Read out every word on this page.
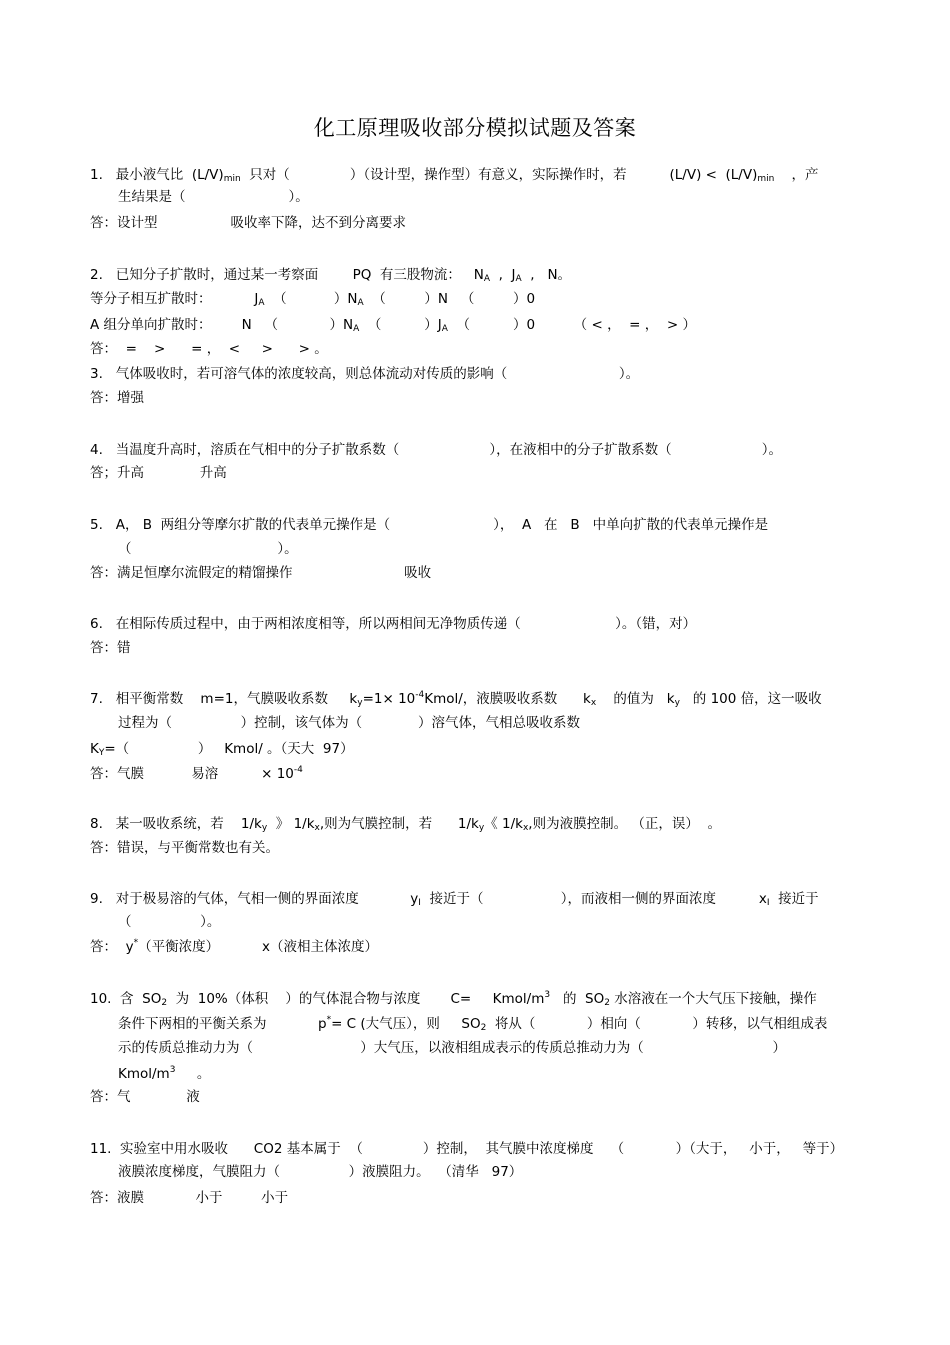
化工原理吸收部分模拟试题及答案
1.   最小液气比  $(L/V)_{min}$  只对（              ）（设计型，操作型）有意义，实际操作时，若          $(L/V) < (L/V)_{min}$    ，产
生结果是（                        ）。
答：设计型                 吸收率下降，达不到分离要求
2.   已知分子扩散时，通过某一考察面        PQ  有三股物流：   $N_A$  ,  $J_A$  ,   N。
等分子相互扩散时：          $J_A$  （           ）$N_A$  （         ）N   （         ）0
A 组分单向扩散时：       N   （            ）$N_A$  （          ）$J_A$  （          ）0         （ < ，  = ，  > ）
答：  =    >      = ，  <     >      > 。
3.   气体吸收时，若可溶气体的浓度较高，则总体流动对传质的影响（                          ）。
答：增强
4.   当温度升高时，溶质在气相中的分子扩散系数（                     ），在液相中的分子扩散系数（                     ）。
答；升高             升高
5.   A， B  两组分等摩尔扩散的代表单元操作是（                        ），  A   在   B   中单向扩散的代表单元操作是
（                                  ）。
答：满足恒摩尔流假定的精馏操作                          吸收
6.   在相际传质过程中，由于两相浓度相等，所以两相间无净物质传递（                      ）。（错，对）
答：错
7.   相平衡常数    m=1，气膜吸收系数     $k_y=1\times$ $10^{-4}Kmol/$，液膜吸收系数      $k_x$    的值为   $k_y$   的 100 倍，这一吸收
过程为（                ）控制，该气体为（             ）溶气体，气相总吸收系数
$K_Y=$（                ）   Kmol/ 。（天大  97）
答：气膜           易溶          × $10^{-4}$
8.   某一吸收系统，若    $1/k_y$  》 $1/k_x$,则为气膜控制，若      $1/k_y$《 $1/k_x$,则为液膜控制。 （正，误）  。
答：错误，与平衡常数也有关。
9.   对于极易溶的气体，气相一侧的界面浓度            $y_I$  接近于（                  ），而液相一侧的界面浓度          $x_I$  接近于
（                ）。
答：  y*（平衡浓度）          x（液相主体浓度）
10.  含  $SO_2$  为  10%（体积    ）的气体混合物与浓度       C=     Kmol/$m^3$   的  $SO_2$ 水溶液在一个大气压下接触，操作
条件下两相的平衡关系为            p*= C (大气压），则     $SO_2$  将从（            ）相向（            ）转移，以气相组成表
示的传质总推动力为（                         ）大气压，以液相组成表示的传质总推动力为（                              ）
Kmol/$m^3$     。
答：气             液
11.  实验室中用水吸收      CO2 基本属于  （              ）控制，  其气膜中浓度梯度    （            ）（大于，   小于，   等于）
液膜浓度梯度，气膜阻力（                ）液膜阻力。  （清华   97）
答：液膜            小于         小于
